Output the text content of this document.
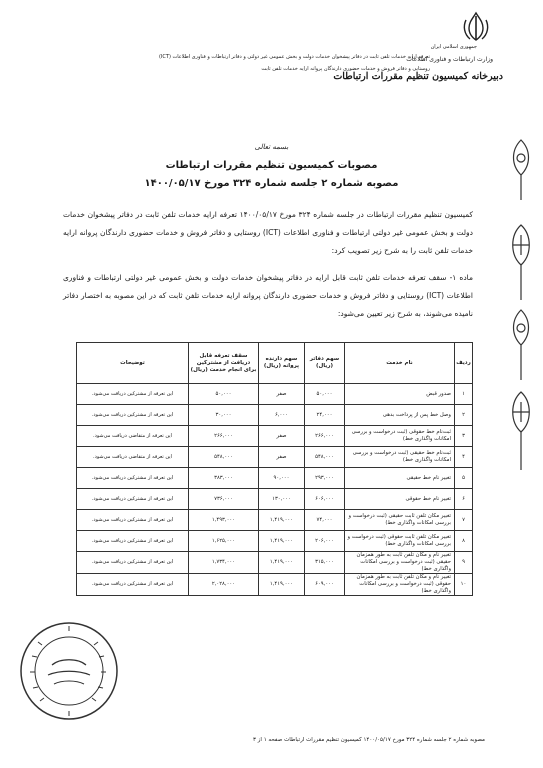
جمهوری اسلامی ایران
وزارت ارتباطات و فناوری اطلاعات
دبیرخانه کمیسیون تنظیم مقررات ارتباطات
تعرفه ارایه خدمات تلفن ثابت در دفاتر پیشخوان خدمات دولت و بخش عمومی غیر دولتی و دفاتر ارتباطات و فناوری اطلاعات (ICT)
روستایی و دفاتر فروش و خدمات حضوری دارندگان پروانه ارایه خدمات تلفن ثابت
بسمه تعالی
مصوبات کمیسیون تنظیم مقررات ارتباطات
مصوبه شماره ۲ جلسه شماره ۳۲۴ مورخ ۱۴۰۰/۰۵/۱۷
کمیسیون تنظیم مقررات ارتباطات در جلسه شماره ۳۲۴ مورخ ۱۴۰۰/۰۵/۱۷ تعرفه ارایه خدمات تلفن ثابت در دفاتر پیشخوان خدمات دولت و بخش عمومی غیر دولتی ارتباطات و فناوری اطلاعات (ICT) روستایی و دفاتر فروش و خدمات حضوری دارندگان پروانه ارایه خدمات تلفن ثابت را به شرح زیر تصویب کرد:
ماده ۱- سقف تعرفه خدمات تلفن ثابت قابل ارایه در دفاتر پیشخوان خدمات دولت و بخش عمومی غیر دولتی ارتباطات و فناوری اطلاعات (ICT) روستایی و دفاتر فروش و خدمات حضوری دارندگان پروانه ارایه خدمات تلفن ثابت که در این مصوبه به اختصار دفاتر نامیده می‌شوند، به شرح زیر تعیین می‌شود:
ردیف	نام خدمت	سهم دفاتر (ریال)	سهم دارنده پروانه (ریال)	سقف تعرفه قابل دریافت از مشترکین برای انجام خدمت (ریال)	توضیحات
۱	صدور قبض	۵۰,۰۰۰	صفر	۵۰,۰۰۰	این تعرفه از مشترکین دریافت می‌شود.
۲	وصل خط پس از پرداخت بدهی	۲۴,۰۰۰	۶,۰۰۰	۳۰,۰۰۰	این تعرفه از مشترکین دریافت می‌شود.
۳	ثبت‌نام خط حقوقی (ثبت درخواست و بررسی امکانات واگذاری خط)	۲۶۶,۰۰۰	صفر	۲۶۶,۰۰۰	این تعرفه از متقاضی دریافت می‌شود.
۴	ثبت‌نام خط حقیقی (ثبت درخواست و بررسی امکانات واگذاری خط)	۵۴۸,۰۰۰	صفر	۵۴۸,۰۰۰	این تعرفه از متقاضی دریافت می‌شود.
۵	تغییر نام خط حقیقی	۲۹۳,۰۰۰	۹۰,۰۰۰	۳۸۳,۰۰۰	این تعرفه از مشترکین دریافت می‌شود.
۶	تغییر نام خط حقوقی	۶۰۶,۰۰۰	۱۳۰,۰۰۰	۷۳۶,۰۰۰	این تعرفه از مشترکین دریافت می‌شود.
۷	تغییر مکان تلفن ثابت حقیقی (ثبت درخواست و بررسی امکانات واگذاری خط)	۷۴,۰۰۰	۱,۴۱۹,۰۰۰	۱,۴۹۳,۰۰۰	این تعرفه از مشترکین دریافت می‌شود.
۸	تغییر مکان تلفن ثابت حقوقی (ثبت درخواست و بررسی امکانات واگذاری خط)	۲۰۶,۰۰۰	۱,۴۱۹,۰۰۰	۱,۶۲۵,۰۰۰	این تعرفه از مشترکین دریافت می‌شود.
۹	تغییر نام و مکان تلفن ثابت به طور همزمان حقیقی (ثبت درخواست و بررسی امکانات واگذاری خط)	۳۱۵,۰۰۰	۱,۴۱۹,۰۰۰	۱,۷۳۴,۰۰۰	این تعرفه از مشترکین دریافت می‌شود.
۱۰	تغییر نام و مکان تلفن ثابت به طور همزمان حقوقی (ثبت درخواست و بررسی امکانات واگذاری خط)	۶۰۹,۰۰۰	۱,۴۱۹,۰۰۰	۲,۰۲۸,۰۰۰	این تعرفه از مشترکین دریافت می‌شود.
مصوبه شماره ۲ جلسه شماره ۳۲۴ مورخ ۱۴۰۰/۰۵/۱۷ کمیسیون تنظیم مقررات ارتباطات صفحه ۱ از ۳
